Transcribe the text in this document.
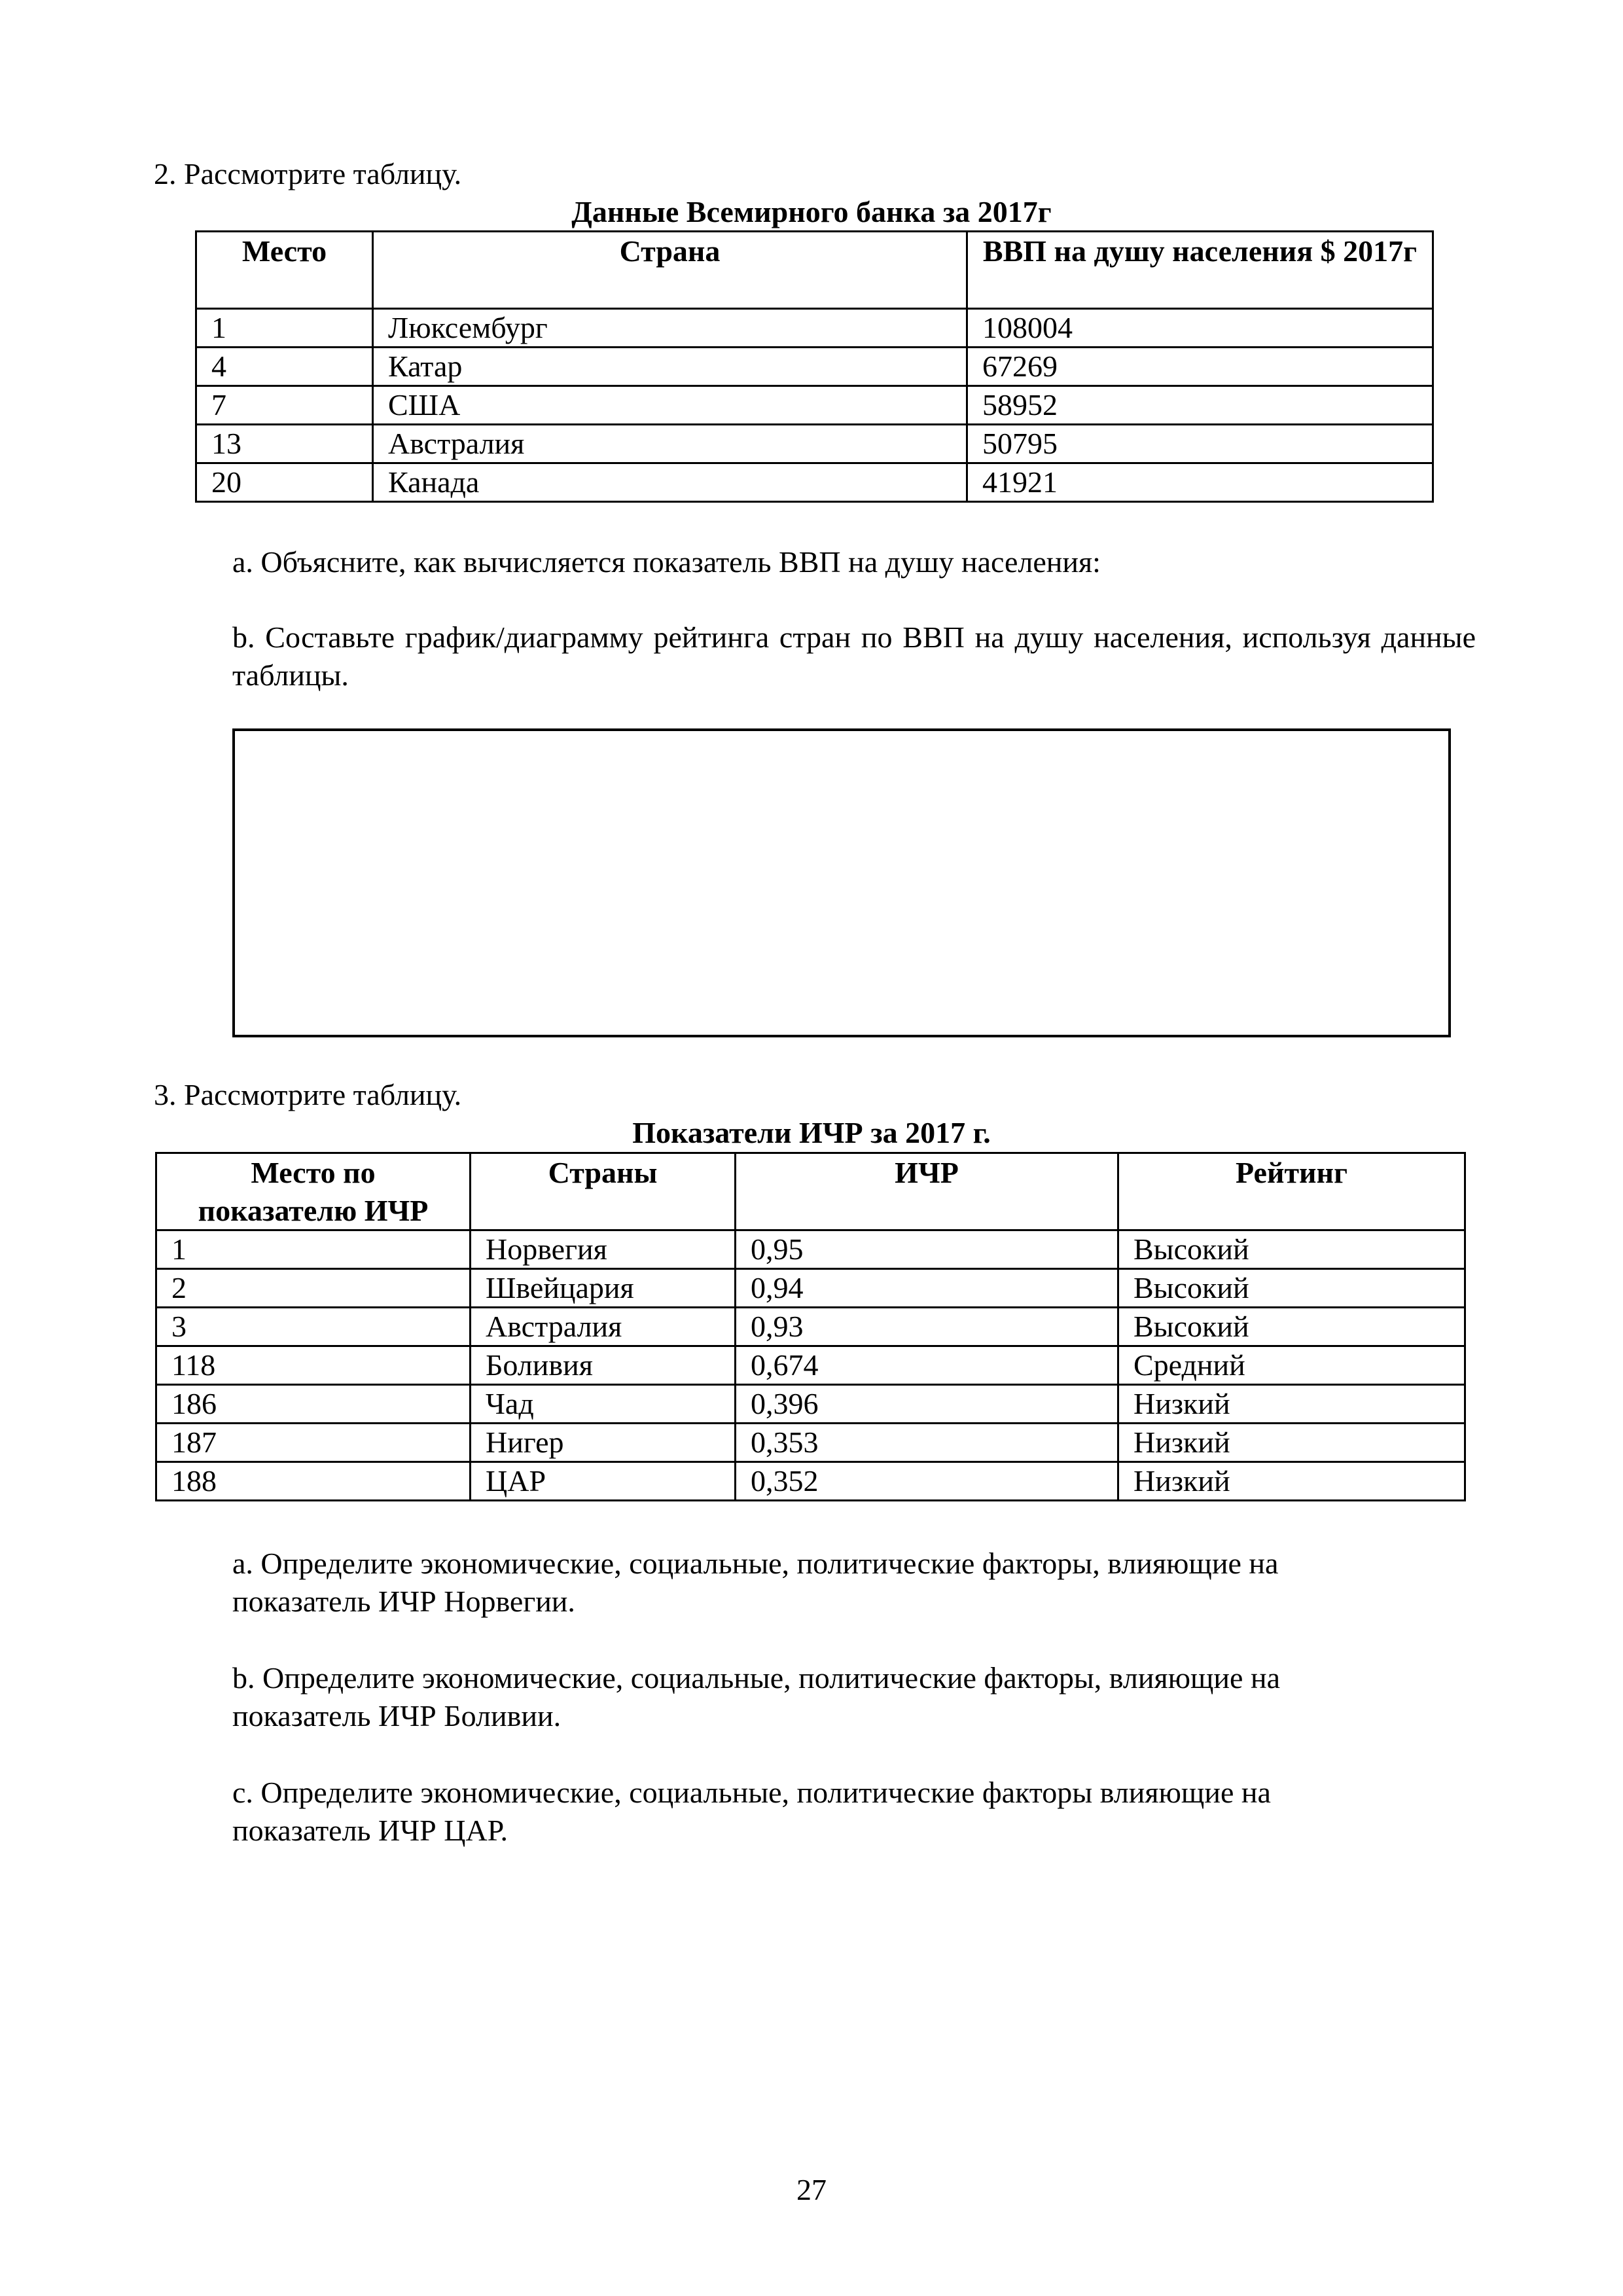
2. Рассмотрите таблицу.
Данные Всемирного банка за 2017г
Место	Страна	ВВП на душу населения $ 2017г
1	Люксембург	108004
4	Катар	67269
7	США	58952
13	Австралия	50795
20	Канада	41921
a. Объясните, как вычисляется показатель ВВП на душу населения:
b. Составьте график/диаграмму рейтинга стран по ВВП на душу населения, используя данные таблицы.
3. Рассмотрите таблицу.
Показатели ИЧР за 2017 г.
Место по показателю ИЧР	Страны	ИЧР	Рейтинг
1	Норвегия	0,95	Высокий
2	Швейцария	0,94	Высокий
3	Австралия	0,93	Высокий
118	Боливия	0,674	Средний
186	Чад	0,396	Низкий
187	Нигер	0,353	Низкий
188	ЦАР	0,352	Низкий
a. Определите экономические, социальные, политические факторы, влияющие на показатель ИЧР Норвегии.
b. Определите экономические, социальные, политические факторы, влияющие на показатель ИЧР Боливии.
c. Определите экономические, социальные, политические факторы влияющие на показатель ИЧР ЦАР.
27
